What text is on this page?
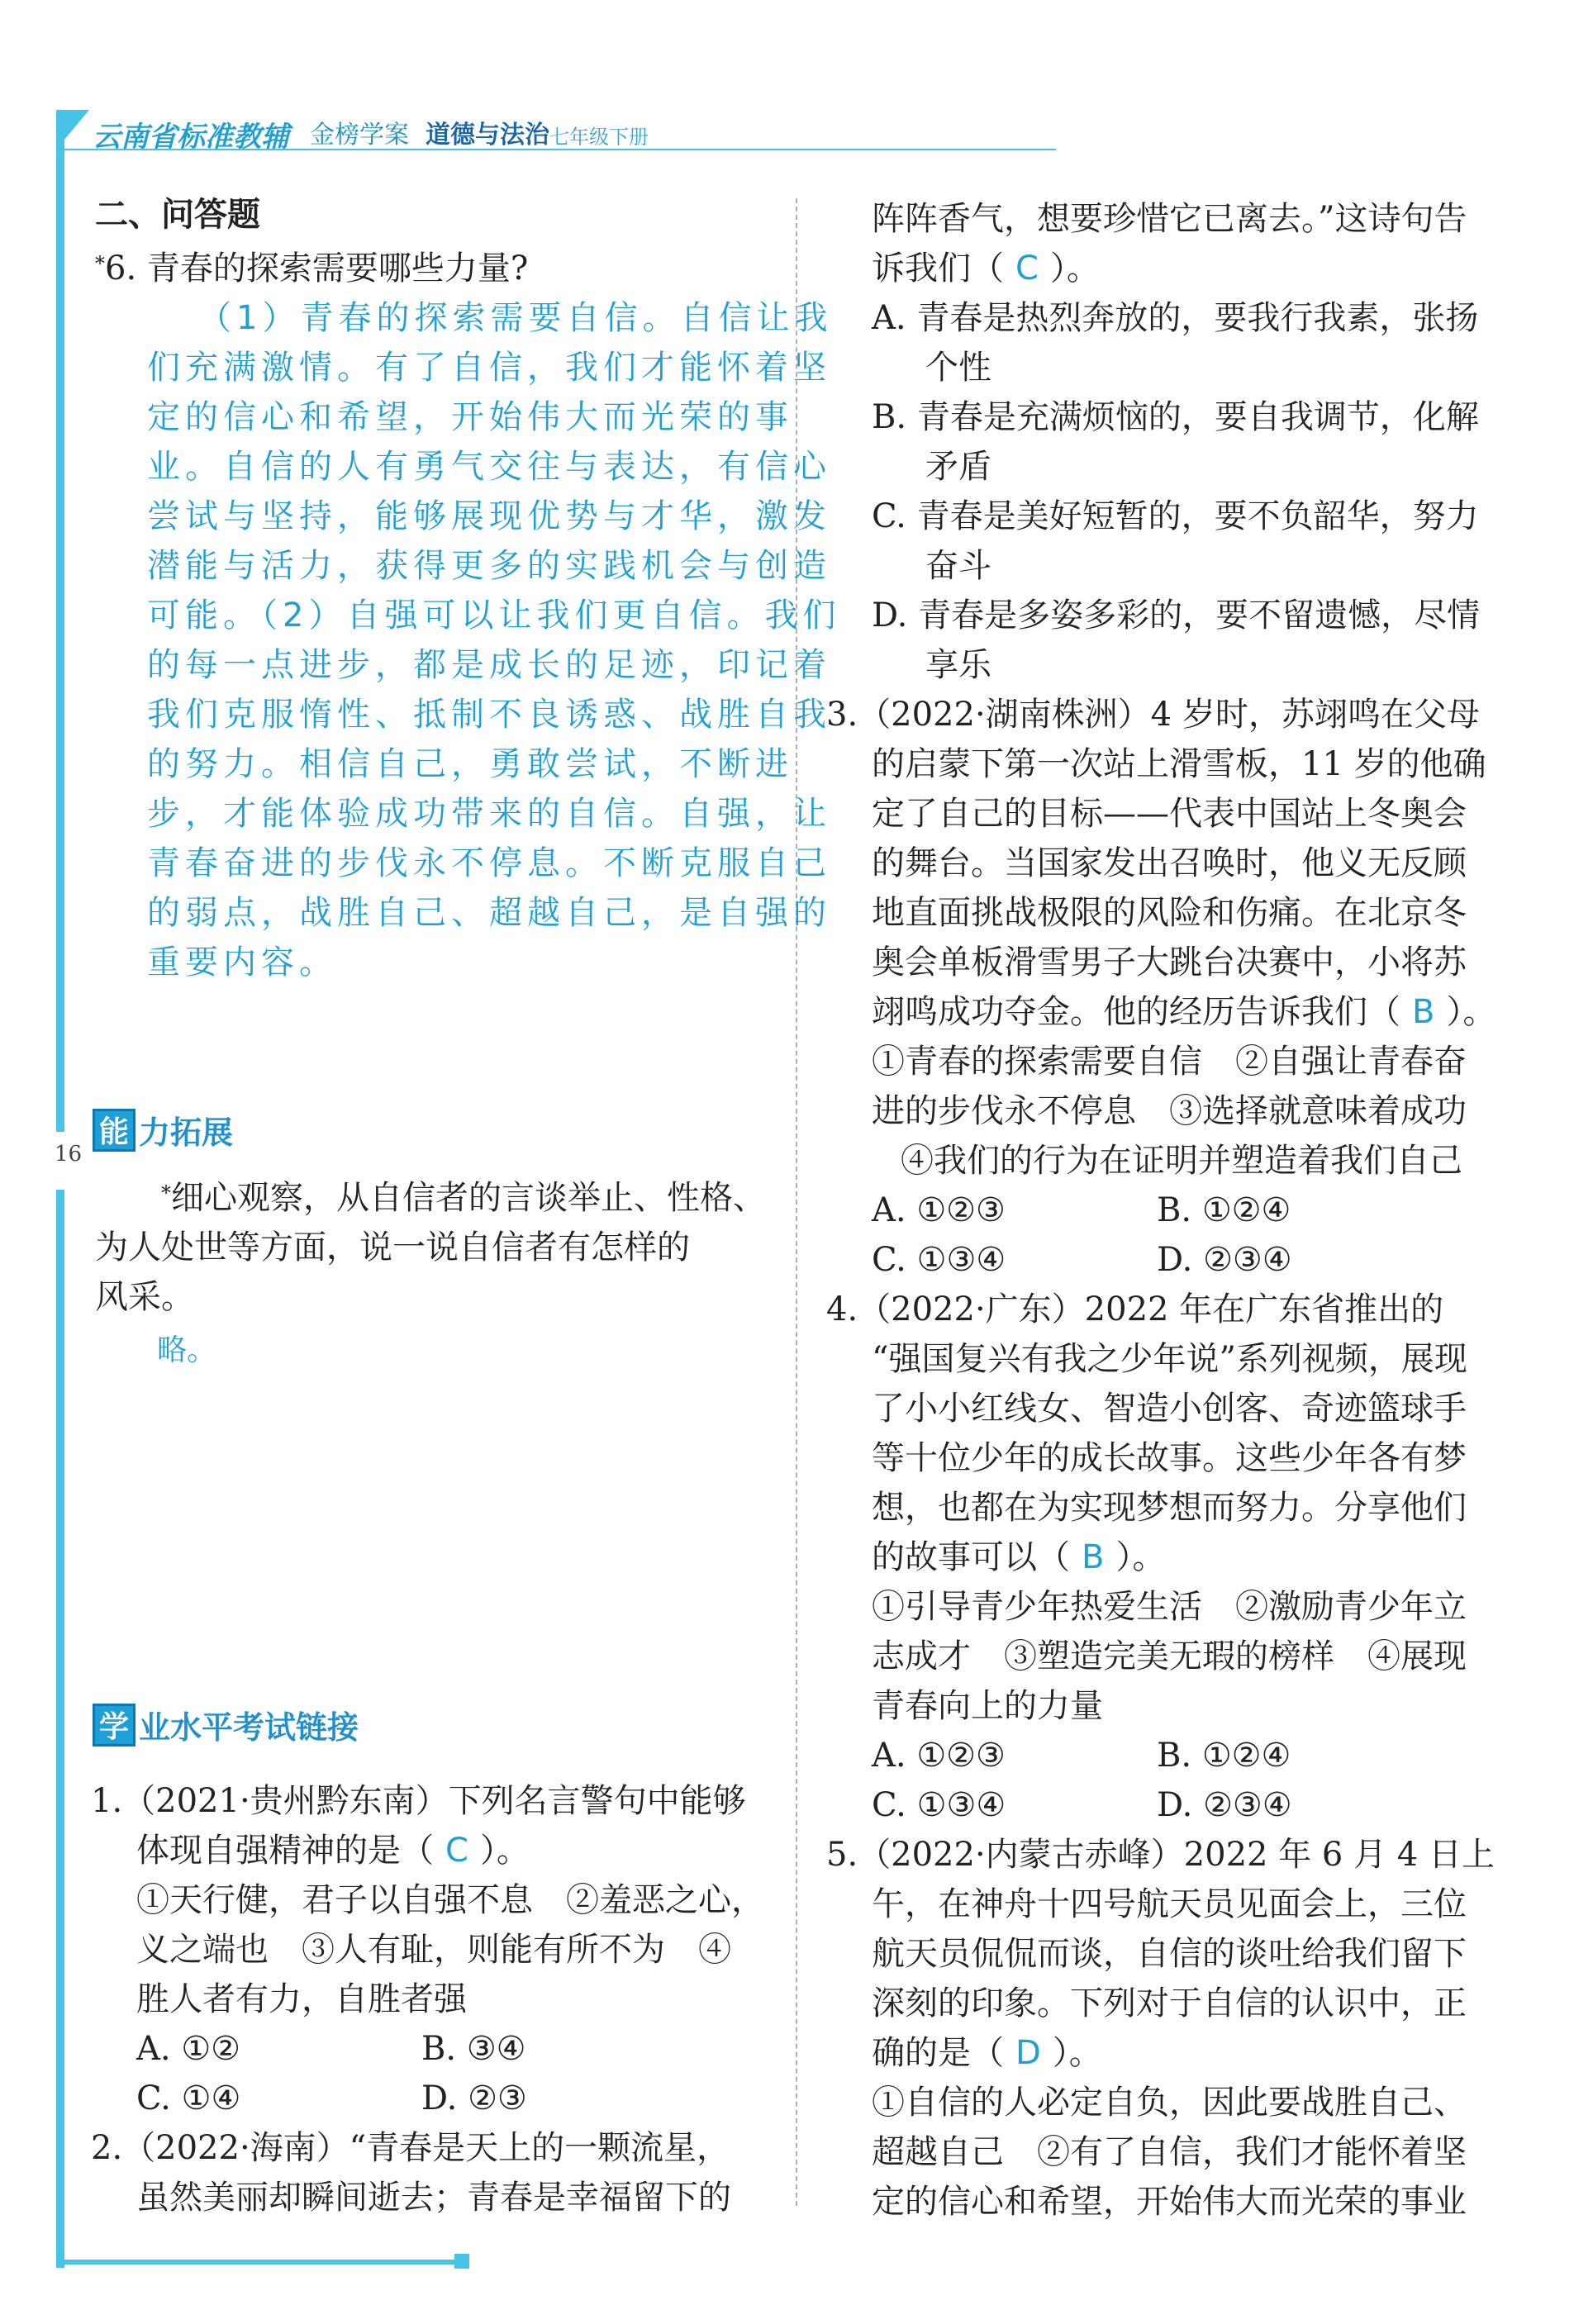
16
云南省标准教辅 金榜学案 道德与法治 七年级下册
二、问答题
*6. 青春的探索需要哪些力量?
（1）青春的探索需要自信。自信让我
们充满激情。有了自信，我们才能怀着坚
定的信心和希望，开始伟大而光荣的事
业。自信的人有勇气交往与表达，有信心
尝试与坚持，能够展现优势与才华，激发
潜能与活力，获得更多的实践机会与创造
可能。（2）自强可以让我们更自信。我们
的每一点进步，都是成长的足迹，印记着
我们克服惰性、抵制不良诱惑、战胜自我
的努力。相信自己，勇敢尝试，不断进
步，才能体验成功带来的自信。自强，让
青春奋进的步伐永不停息。不断克服自己
的弱点，战胜自己、超越自己，是自强的
重要内容。
能 力拓展
*细心观察，从自信者的言谈举止、性格、
为人处世等方面，说一说自信者有怎样的
风采。
略。
学 业水平考试链接
1.（2021·贵州黔东南）下列名言警句中能够
体现自强精神的是（ C ）。
①天行健，君子以自强不息　②羞恶之心，
义之端也　③人有耻，则能有所不为　④
胜人者有力，自胜者强
A. ①②	B. ③④
C. ①④	D. ②③
2.（2022·海南）“青春是天上的一颗流星，
虽然美丽却瞬间逝去；青春是幸福留下的
阵阵香气，想要珍惜它已离去。”这诗句告
诉我们（ C ）。
A. 青春是热烈奔放的，要我行我素，张扬
个性
B. 青春是充满烦恼的，要自我调节，化解
矛盾
C. 青春是美好短暂的，要不负韶华，努力
奋斗
D. 青春是多姿多彩的，要不留遗憾，尽情
享乐
3.（2022·湖南株洲）4 岁时，苏翊鸣在父母
的启蒙下第一次站上滑雪板，11 岁的他确
定了自己的目标——代表中国站上冬奥会
的舞台。当国家发出召唤时，他义无反顾
地直面挑战极限的风险和伤痛。在北京冬
奥会单板滑雪男子大跳台决赛中，小将苏
翊鸣成功夺金。他的经历告诉我们（ B ）。
①青春的探索需要自信　②自强让青春奋
进的步伐永不停息　③选择就意味着成功
④我们的行为在证明并塑造着我们自己
A. ①②③	B. ①②④
C. ①③④	D. ②③④
4.（2022·广东）2022 年在广东省推出的
“强国复兴有我之少年说”系列视频，展现
了小小红线女、智造小创客、奇迹篮球手
等十位少年的成长故事。这些少年各有梦
想，也都在为实现梦想而努力。分享他们
的故事可以（ B ）。
①引导青少年热爱生活　②激励青少年立
志成才　③塑造完美无瑕的榜样　④展现
青春向上的力量
A. ①②③	B. ①②④
C. ①③④	D. ②③④
5.（2022·内蒙古赤峰）2022 年 6 月 4 日上
午，在神舟十四号航天员见面会上，三位
航天员侃侃而谈，自信的谈吐给我们留下
深刻的印象。下列对于自信的认识中，正
确的是（ D ）。
①自信的人必定自负，因此要战胜自己、
超越自己　②有了自信，我们才能怀着坚
定的信心和希望，开始伟大而光荣的事业
